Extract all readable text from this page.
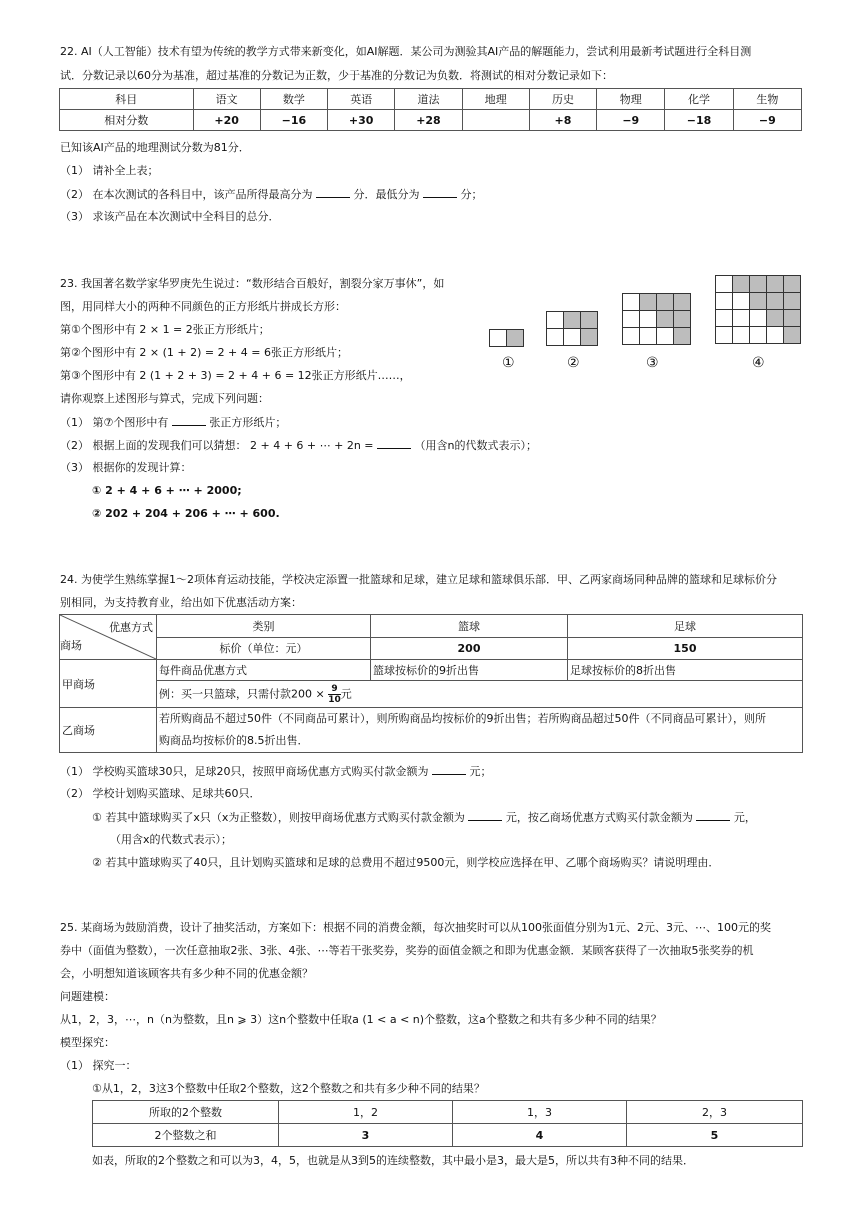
22. AI（人工智能）技术有望为传统的教学方式带来新变化，如AI解题．某公司为测验其AI产品的解题能力，尝试利用最新考试题进行全科目测
试．分数记录以60分为基准，超过基准的分数记为正数，少于基准的分数记为负数．将测试的相对分数记录如下：
科目	语文	数学	英语	道法	地理	历史	物理	化学	生物
相对分数	+20	−16	+30	+28		+8	−9	−18	−9
已知该AI产品的地理测试分数为81分．
（1） 请补全上表；
（2） 在本次测试的各科目中，该产品所得最高分为	分．最低分为	分；
（3） 求该产品在本次测试中全科目的总分．
23. 我国著名数学家华罗庚先生说过：“数形结合百般好，割裂分家万事休”，如
图，用同样大小的两种不同颜色的正方形纸片拼成长方形：
第①个图形中有 2 × 1 = 2张正方形纸片；
第②个图形中有 2 × (1 + 2) = 2 + 4 = 6张正方形纸片；
第③个图形中有 2 (1 + 2 + 3) = 2 + 4 + 6 = 12张正方形纸片……，
请你观察上述图形与算式，完成下列问题：
（1） 第⑦个图形中有	张正方形纸片；
（2） 根据上面的发现我们可以猜想： 2 + 4 + 6 + ⋯ + 2n =	（用含n的代数式表示）；
（3） 根据你的发现计算：
① 2 + 4 + 6 + ⋯ + 2000;
② 202 + 204 + 206 + ⋯ + 600.
①	②	③	④
24. 为使学生熟练掌握1～2项体育运动技能，学校决定添置一批篮球和足球，建立足球和篮球俱乐部．甲、乙两家商场同种品牌的篮球和足球标价分
别相同，为支持教育业，给出如下优惠活动方案：
优惠方式
商场	类别	篮球	足球
	标价（单位：元）	200	150
甲商场	每件商品优惠方式	篮球按标价的9折出售	足球按标价的8折出售
	例：买一只篮球，只需付款$200 \times \frac{9}{10}$ 元		
乙商场	若所购商品不超过50件（不同商品可累计），则所购商品均按标价的9折出售；若所购商品超过50件（不同商品可累计），则所
购商品均按标价的8.5折出售．		
（1） 学校购买篮球30只，足球20只，按照甲商场优惠方式购买付款金额为	元；
（2） 学校计划购买篮球、足球共60只．
① 若其中篮球购买了x只（x为正整数），则按甲商场优惠方式购买付款金额为	元，按乙商场优惠方式购买付款金额为	元，
（用含x的代数式表示）；
② 若其中篮球购买了40只，且计划购买篮球和足球的总费用不超过9500元，则学校应选择在甲、乙哪个商场购买？请说明理由．
25. 某商场为鼓励消费，设计了抽奖活动，方案如下：根据不同的消费金额，每次抽奖时可以从100张面值分别为1元、2元、3元、⋯、100元的奖
券中（面值为整数），一次任意抽取2张、3张、4张、⋯等若干张奖券，奖券的面值金额之和即为优惠金额．某顾客获得了一次抽取5张奖券的机
会，小明想知道该顾客共有多少种不同的优惠金额？
问题建模：
从1，2，3，⋯，n（n为整数，且n ⩾ 3）这n个整数中任取a (1 < a < n)个整数，这a个整数之和共有多少种不同的结果？
模型探究：
（1） 探究一：
①从1，2，3这3个整数中任取2个整数，这2个整数之和共有多少种不同的结果？
所取的2个整数	1，2	1，3	2，3
2个整数之和	3	4	5
如表，所取的2个整数之和可以为3，4，5，也就是从3到5的连续整数，其中最小是3，最大是5，所以共有3种不同的结果．
